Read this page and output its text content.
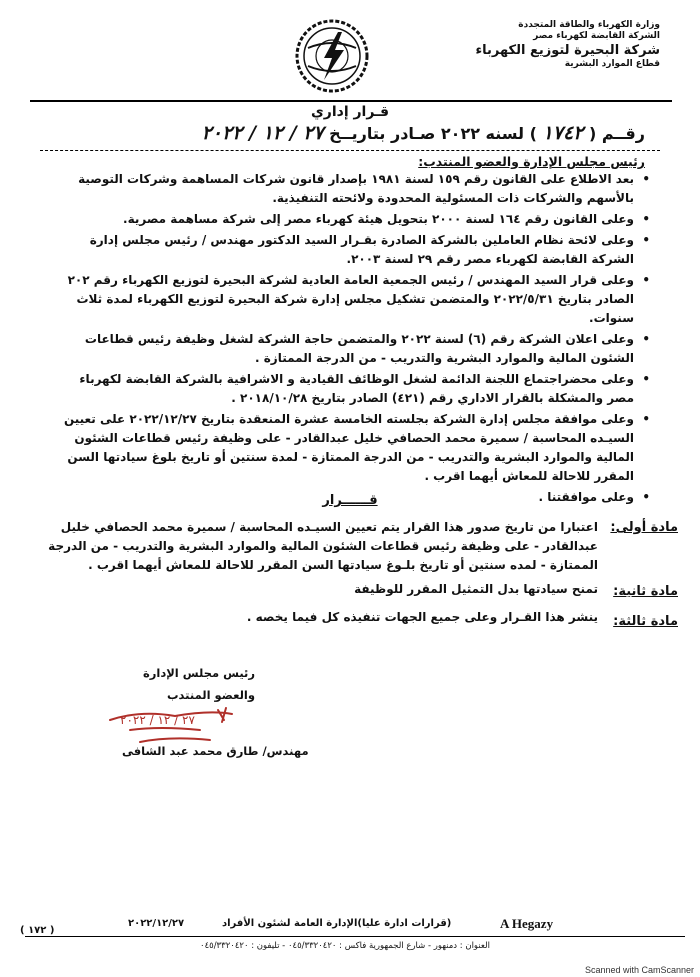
وزارة الكهرباء والطاقة المتجددة
الشركة القابضة لكهرباء مصر
شركة البحيرة لتوزيع الكهرباء
قطاع الموارد البشرية
قـرار إداري
رقــم ( ١٧٤٢ ) لسنه ٢٠٢٢ صـادر بتاريــخ ٢٧ / ١٢ / ٢٠٢٢
رئيس مجلس الإدارة والعضو المنتدب:
• بعد الاطلاع على القانون رقم ١٥٩ لسنة ١٩٨١ بإصدار قانون شركات المساهمة وشركات التوصية بالأسهم والشركات ذات المسئولية المحدودة ولائحته التنفيذية.
• وعلى القانون رقم ١٦٤ لسنة ٢٠٠٠ بتحويل هيئة كهرباء مصر إلى شركة مساهمة مصرية.
• وعلى لائحة نظام العاملين بالشركة الصادرة بقـرار السيد الدكتور مهندس / رئيس مجلس إدارة الشركة القابضة لكهرباء مصر رقم ٢٩ لسنة ٢٠٠٣.
• وعلى قرار السيد المهندس / رئيس الجمعية العامة العادية لشركة البحيرة لتوزيع الكهرباء رقم ٢٠٢ الصادر بتاريخ ٢٠٢٢/٥/٣١ والمتضمن تشكيل مجلس إدارة شركة البحيرة لتوزيع الكهرباء لمدة ثلاث سنوات.
• وعلى اعلان الشركة رقم (٦) لسنة ٢٠٢٢ والمتضمن حاجة الشركة لشغل وظيفة رئيس قطاعات الشئون المالية والموارد البشرية والتدريب - من الدرجة الممتازة .
• وعلى محضراجتماع اللجنة الدائمة لشغل الوظائف القيادية و الاشرافية بالشركة القابضة لكهرباء مصر والمشكلة بالقرار الاداري رقم (٤٢١) الصادر بتاريخ ٢٠١٨/١٠/٢٨ .
• وعلى موافقة مجلس إدارة الشركة بجلسته الخامسة عشرة المنعقدة بتاريخ ٢٠٢٢/١٢/٢٧ على تعيين السيـده المحاسبة / سميرة محمد الحصافي خليل عبدالقادر - على وظيفة رئيس قطاعات الشئون المالية والموارد البشرية والتدريب - من الدرجة الممتازة - لمدة سنتين أو تاريخ بلوغ سيادتها السن المقرر للاحالة للمعاش أيهما اقرب .
• وعلى موافقتنا .
قــــــرار
مادة أولى:
اعتبارا من تاريخ صدور هذا القرار يتم تعيين السيـده المحاسبة / سميرة محمد الحصافي خليل عبدالقادر - على وظيفة رئيس قطاعات الشئون المالية والموارد البشرية والتدريب - من الدرجة الممتازة - لمده سنتين أو تاريخ بلـوغ سيادتها السن المقرر للاحالة للمعاش أيهما اقرب .
مادة ثانية:
تمنح سيادتها بدل التمثيل المقرر للوظيفة
مادة ثالثة:
ينشر هذا القـرار وعلى جميع الجهات تنفيذه كل فيما يخصه .
رئيس مجلس الإدارة
والعضو المنتدب
٢٧ / ١٢ / ٢٠٢٢
مهندس/ طارق محمد عبد الشافى
A Hegazy
(قرارات ادارة عليا)الإدارة العامة لشئون الأفراد
٢٠٢٢/١٢/٢٧
( ١٧٢ )
العنوان : دمنهور - شارع الجمهورية فاكس : ٠٤٥/٣٣٢٠٤٢٠ - تليفون : ٠٤٥/٣٣٢٠٤٢٠
Scanned with CamScanner
